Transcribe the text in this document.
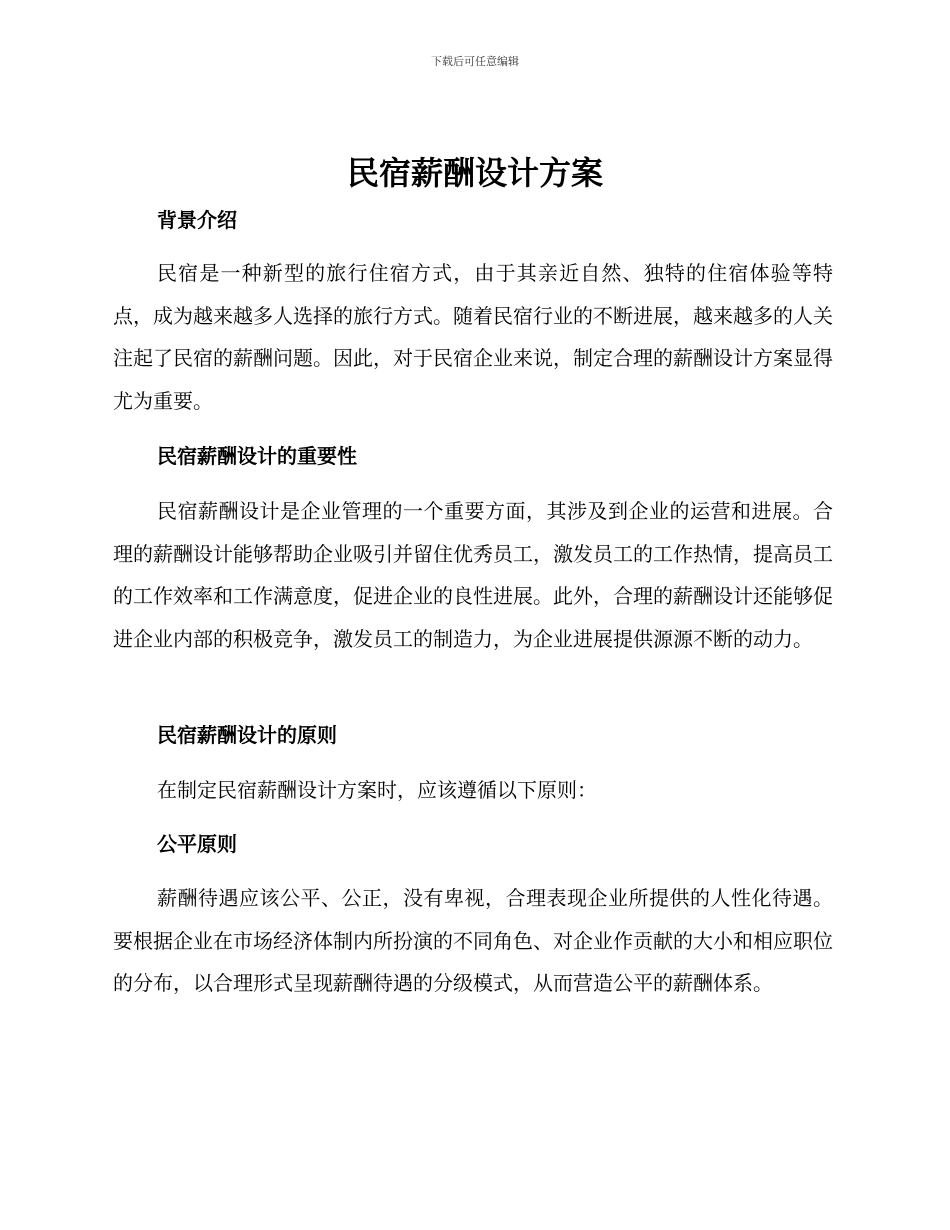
下载后可任意编辑
民宿薪酬设计方案
背景介绍

民宿是一种新型的旅行住宿方式，由于其亲近自然、独特的住宿体验等特点，成为越来越多人选择的旅行方式。随着民宿行业的不断进展，越来越多的人关注起了民宿的薪酬问题。因此，对于民宿企业来说，制定合理的薪酬设计方案显得尤为重要。

民宿薪酬设计的重要性

民宿薪酬设计是企业管理的一个重要方面，其涉及到企业的运营和进展。合理的薪酬设计能够帮助企业吸引并留住优秀员工，激发员工的工作热情，提高员工的工作效率和工作满意度，促进企业的良性进展。此外，合理的薪酬设计还能够促进企业内部的积极竞争，激发员工的制造力，为企业进展提供源源不断的动力。

民宿薪酬设计的原则

在制定民宿薪酬设计方案时，应该遵循以下原则：

公平原则

薪酬待遇应该公平、公正，没有卑视，合理表现企业所提供的人性化待遇。要根据企业在市场经济体制内所扮演的不同角色、对企业作贡献的大小和相应职位的分布，以合理形式呈现薪酬待遇的分级模式，从而营造公平的薪酬体系。
